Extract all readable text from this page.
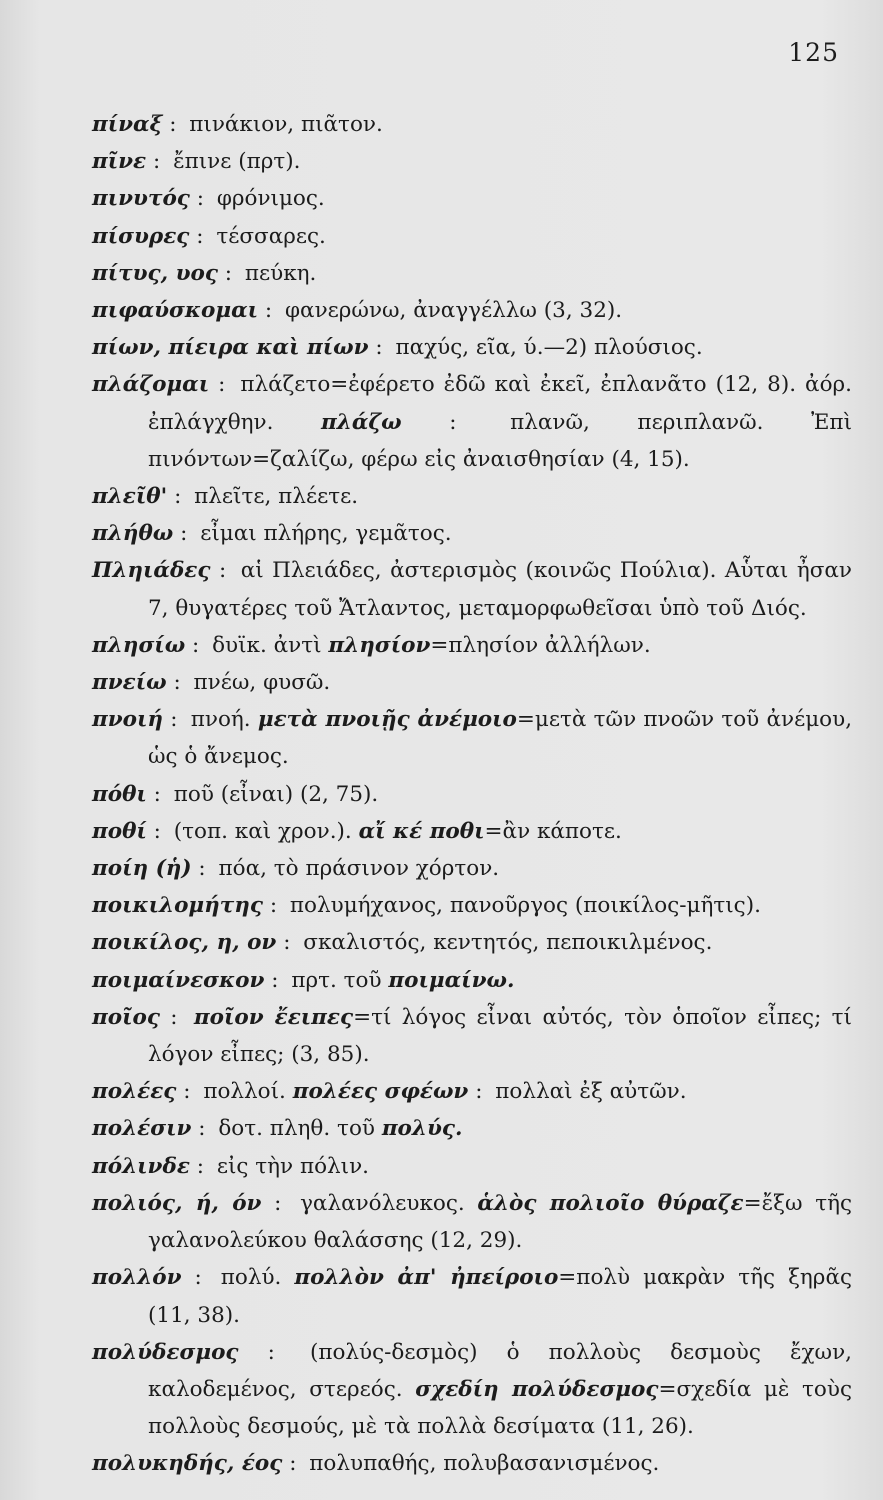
125
πίναξ : πινάκιον, πιᾶτον.
πῖνε : ἔπινε (πρτ).
πινυτός : φρόνιμος.
πίσυρες : τέσσαρες.
πίτυς, υος : πεύκη.
πιφαύσκομαι : φανερώνω, ἀναγγέλλω (3, 32).
πίων, πίειρα καὶ πίων : παχύς, εῖα, ύ.—2) πλούσιος.
πλάζομαι : πλάζετο=ἐφέρετο ἐδῶ καὶ ἐκεῖ, ἐπλανᾶτο (12, 8). ἀόρ. ἐπλάγχθην. πλάζω : πλανῶ, περιπλανῶ. Ἐπὶ πινόντων=ζαλίζω, φέρω εἰς ἀναισθησίαν (4, 15).
πλεῖθ' : πλεῖτε, πλέετε.
πλήθω : εἶμαι πλήρης, γεμᾶτος.
Πληιάδες : αἱ Πλειάδες, ἀστερισμὸς (κοινῶς Πούλια). Αὗται ἦσαν 7, θυγατέρες τοῦ Ἄτλαντος, μεταμορφωθεῖσαι ὑπὸ τοῦ Διός.
πλησίω : δυϊκ. ἀντὶ πλησίον=πλησίον ἀλλήλων.
πνείω : πνέω, φυσῶ.
πνοιή : πνοή. μετὰ πνοιῇς ἀνέμοιο=μετὰ τῶν πνοῶν τοῦ ἀνέμου, ὡς ὁ ἄνεμος.
πόθι : ποῦ (εἶναι) (2, 75).
ποθί : (τοπ. καὶ χρον.). αἴ κέ ποθι=ἂν κάποτε.
ποίη (ἡ) : πόα, τὸ πράσινον χόρτον.
ποικιλομήτης : πολυμήχανος, πανοῦργος (ποικίλος-μῆτις).
ποικίλος, η, ον : σκαλιστός, κεντητός, πεποικιλμένος.
ποιμαίνεσκον : πρτ. τοῦ ποιμαίνω.
ποῖος : ποῖον ἔειπες=τί λόγος εἶναι αὐτός, τὸν ὁποῖον εἶπες; τί λόγον εἶπες; (3, 85).
πολέες : πολλοί. πολέες σφέων : πολλαὶ ἐξ αὐτῶν.
πολέσιν : δοτ. πληθ. τοῦ πολύς.
πόλινδε : εἰς τὴν πόλιν.
πολιός, ή, όν : γαλανόλευκος. ἁλὸς πολιοῖο θύραζε=ἔξω τῆς γαλανολεύκου θαλάσσης (12, 29).
πολλόν : πολύ. πολλὸν ἀπ' ἠπείροιο=πολὺ μακρὰν τῆς ξηρᾶς (11, 38).
πολύδεσμος : (πολύς-δεσμὸς) ὁ πολλοὺς δεσμοὺς ἔχων, καλοδεμένος, στερεός. σχεδίη πολύδεσμος=σχεδία μὲ τοὺς πολλοὺς δεσμούς, μὲ τὰ πολλὰ δεσίματα (11, 26).
πολυκηδής, έος : πολυπαθής, πολυβασανισμένος.
